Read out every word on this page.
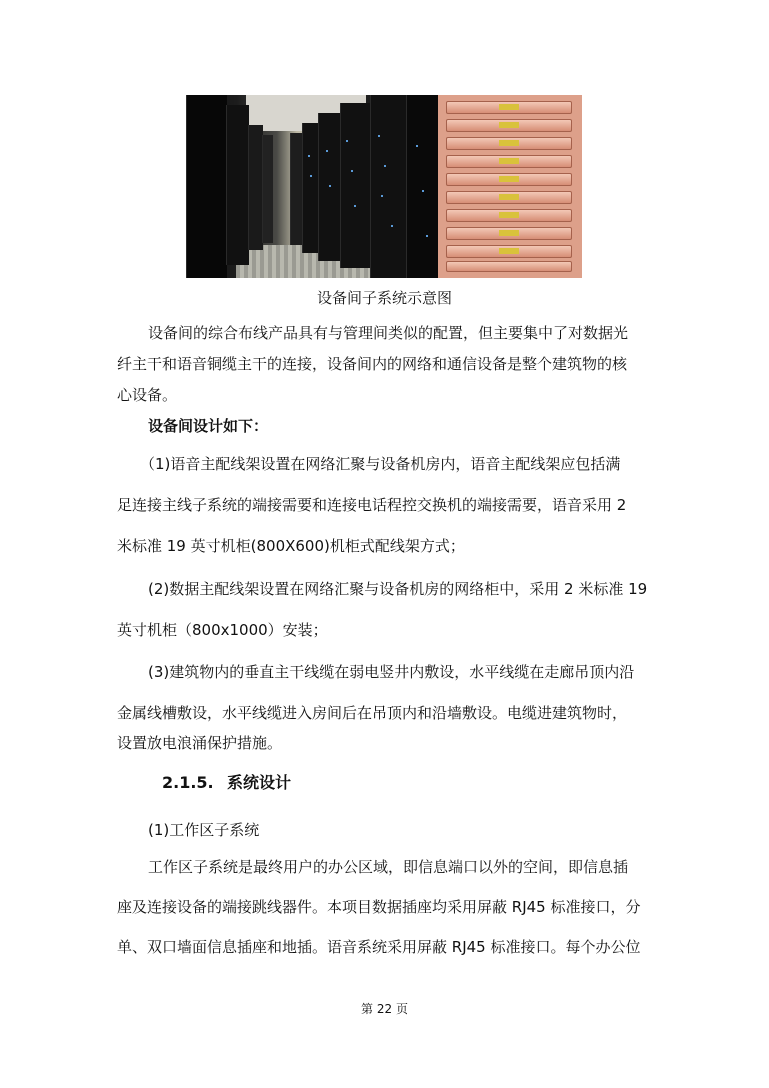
设备间子系统示意图
设备间的综合布线产品具有与管理间类似的配置，但主要集中了对数据光
纤主干和语音铜缆主干的连接，设备间内的网络和通信设备是整个建筑物的核
心设备。
设备间设计如下：
（1)语音主配线架设置在网络汇聚与设备机房内，语音主配线架应包括满
足连接主线子系统的端接需要和连接电话程控交换机的端接需要，语音采用 2
米标准 19 英寸机柜(800X600)机柜式配线架方式；
(2)数据主配线架设置在网络汇聚与设备机房的网络柜中，采用 2 米标准 19
英寸机柜（800x1000）安装；
(3)建筑物内的垂直主干线缆在弱电竖井内敷设，水平线缆在走廊吊顶内沿
金属线槽敷设，水平线缆进入房间后在吊顶内和沿墙敷设。电缆进建筑物时，
设置放电浪涌保护措施。
2.1.5. 系统设计
(1)工作区子系统
工作区子系统是最终用户的办公区域，即信息端口以外的空间，即信息插
座及连接设备的端接跳线器件。本项目数据插座均采用屏蔽 RJ45 标准接口，分
单、双口墙面信息插座和地插。语音系统采用屏蔽 RJ45 标准接口。每个办公位
第 22 页
